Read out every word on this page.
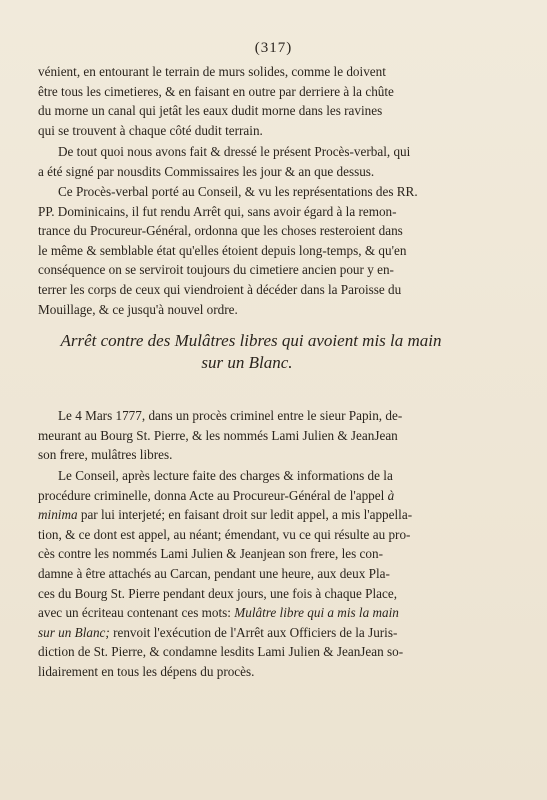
(317)
vénient, en entourant le terrain de murs solides, comme le doivent
être tous les cimetieres, & en faisant en outre par derriere à la chûte
du morne un canal qui jetât les eaux dudit morne dans les ravines
qui se trouvent à chaque côté dudit terrain.
De tout quoi nous avons fait & dressé le présent Procès-verbal, qui
a été signé par nousdits Commissaires les jour & an que dessus.
Ce Procès-verbal porté au Conseil, & vu les représentations des RR.
PP. Dominicains, il fut rendu Arrêt qui, sans avoir égard à la remon-
trance du Procureur-Général, ordonna que les choses resteroient dans
le même & semblable état qu'elles étoient depuis long-temps, & qu'en
conséquence on se serviroit toujours du cimetiere ancien pour y en-
terrer les corps de ceux qui viendroient à décéder dans la Paroisse du
Mouillage, & ce jusqu'à nouvel ordre.
Arrêt contre des Mulâtres libres qui avoient mis la main
sur un Blanc.
Le 4 Mars 1777, dans un procès criminel entre le sieur Papin, de-
meurant au Bourg St. Pierre, & les nommés Lami Julien & JeanJean
son frere, mulâtres libres.
Le Conseil, après lecture faite des charges & informations de la
procédure criminelle, donna Acte au Procureur-Général de l'appel à
minima par lui interjeté; en faisant droit sur ledit appel, a mis l'appella-
tion, & ce dont est appel, au néant; émendant, vu ce qui résulte au pro-
cès contre les nommés Lami Julien & Jeanjean son frere, les con-
damne à être attachés au Carcan, pendant une heure, aux deux Pla-
ces du Bourg St. Pierre pendant deux jours, une fois à chaque Place,
avec un écriteau contenant ces mots: Mulâtre libre qui a mis la main
sur un Blanc; renvoit l'exécution de l'Arrêt aux Officiers de la Juris-
diction de St. Pierre, & condamne lesdits Lami Julien & JeanJean so-
lidairement en tous les dépens du procès.
